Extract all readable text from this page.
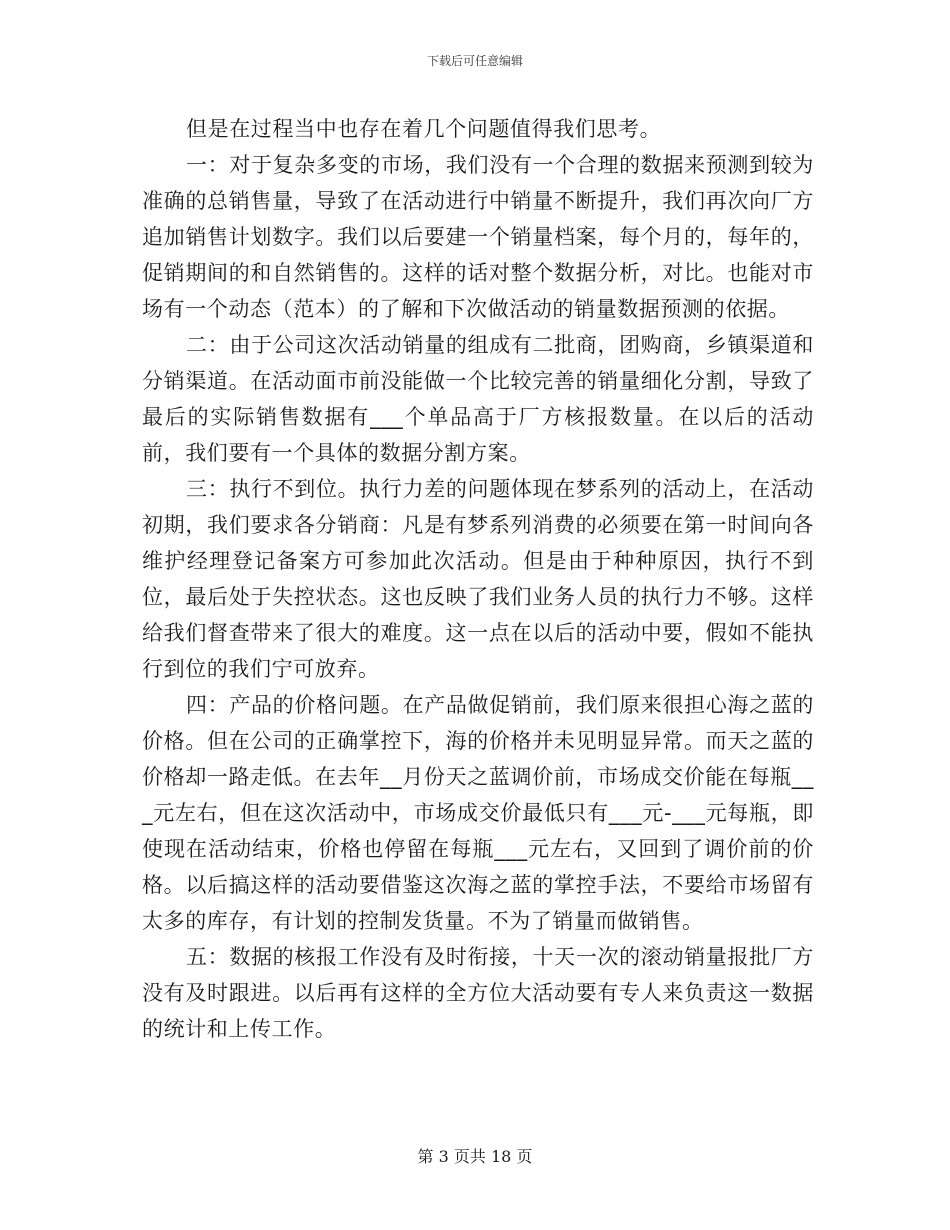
下载后可任意编辑

但是在过程当中也存在着几个问题值得我们思考。

一：对于复杂多变的市场，我们没有一个合理的数据来预测到较为准确的总销售量，导致了在活动进行中销量不断提升，我们再次向厂方追加销售计划数字。我们以后要建一个销量档案，每个月的，每年的，促销期间的和自然销售的。这样的话对整个数据分析，对比。也能对市场有一个动态（范本）的了解和下次做活动的销量数据预测的依据。

二：由于公司这次活动销量的组成有二批商，团购商，乡镇渠道和分销渠道。在活动面市前没能做一个比较完善的销量细化分割，导致了最后的实际销售数据有___个单品高于厂方核报数量。在以后的活动前，我们要有一个具体的数据分割方案。

三：执行不到位。执行力差的问题体现在梦系列的活动上，在活动初期，我们要求各分销商：凡是有梦系列消费的必须要在第一时间向各维护经理登记备案方可参加此次活动。但是由于种种原因，执行不到位，最后处于失控状态。这也反映了我们业务人员的执行力不够。这样给我们督查带来了很大的难度。这一点在以后的活动中要，假如不能执行到位的我们宁可放弃。

四：产品的价格问题。在产品做促销前，我们原来很担心海之蓝的价格。但在公司的正确掌控下，海的价格并未见明显异常。而天之蓝的价格却一路走低。在去年__月份天之蓝调价前，市场成交价能在每瓶___元左右，但在这次活动中，市场成交价最低只有___元-___元每瓶，即使现在活动结束，价格也停留在每瓶___元左右，又回到了调价前的价格。以后搞这样的活动要借鉴这次海之蓝的掌控手法，不要给市场留有太多的库存，有计划的控制发货量。不为了销量而做销售。

五：数据的核报工作没有及时衔接，十天一次的滚动销量报批厂方没有及时跟进。以后再有这样的全方位大活动要有专人来负责这一数据的统计和上传工作。

第 3 页共 18 页
